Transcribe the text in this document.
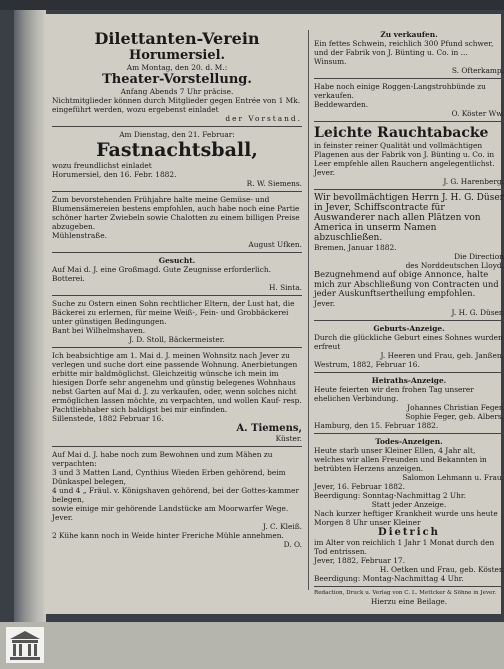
Dilettanten-Verein

Horumersiel.

Am Montag, den 20. d. M.:

Theater-Vorstellung.

Anfang Abends 7 Uhr präcise.

Nichtmitglieder können durch Mitglieder gegen Entrée von 1 Mk. eingeführt werden, wozu ergebenst einladet

der Vorstand.

Am Dienstag, den 21. Februar:

Fastnachtsball,

wozu freundlichst einladet

Horumersiel, den 16. Febr. 1882.

R. W. Siemens.

Zum bevorstehenden Frühjahre halte meine Gemüse- und Blumensämereien bestens empfohlen, auch habe noch eine Partie schöner harter Zwiebeln sowie Chalotten zu einem billigen Preise abzugeben.

Mühlenstraße.

August Ufken.

Gesucht.

Auf Mai d. J. eine Großmagd. Gute Zeugnisse erforderlich.

Botterei.

H. Sinta.

Suche zu Ostern einen Sohn rechtlicher Eltern, der Lust hat, die Bäckerei zu erlernen, für meine Weiß-, Fein- und Grobbäckerei unter günstigen Bedingungen.

Bant bei Wilhelmshaven.

J. D. Stoll, Bäckermeister.

Ich beabsichtige am 1. Mai d. J. meinen Wohnsitz nach Jever zu verlegen und suche dort eine passende Wohnung. Anerbietungen erbitte mir baldmöglichst. Gleichzeitig wünsche ich mein im hiesigen Dorfe sehr angenehm und günstig belegenes Wohnhaus nebst Garten auf Mai d. J. zu verkaufen, oder, wenn solches nicht ermöglichen lassen möchte, zu verpachten, und wollen Kauf- resp. Pachtliebhaber sich baldigst bei mir einfinden.

Sillenstede, 1882 Februar 16.

A. Tiemens,

Küster.

Auf Mai d. J. habe noch zum Bewohnen und zum Mähen zu verpachten:

3 und 3 Matten Land, Cynthius Wieden Erben gehörend, beim Dünkaspel belegen,

4 und 4 „ Fräul. v. Königshaven gehörend, bei der Gottes-kammer belegen,

sowie einige mir gehörende Landstücke am Moorwarfer Wege.

Jever.

J. C. Kleiß.

2 Kühe kann noch in Weide hinter Freriche Mühle annehmen.

D. O.

Zu verkaufen.

Ein fettes Schwein, reichlich 300 Pfund schwer, und der Fabrik von J. Bünting u. Co. in ...

Winsum.

S. Ofterkamp.

Habe noch einige Roggen-Langstrohbünde zu verkaufen.

Beddewarden.

O. Köster Ww.

Leichte Rauchtabacke

in feinster reiner Qualität und vollmächtigen Plagenen aus der Fabrik von J. Bünting u. Co. in Leer empfehle allen Rauchern angelegentlichst.

Jever.

J. G. Harenberg.

Wir bevollmächtigen Herrn J. H. G. Düser in Jever, Schiffscontracte für Auswanderer nach allen Plätzen von America in unserm Namen abzuschließen.

Bremen, Januar 1882.

Die Direction

des Norddeutschen Lloyd.

Bezugnehmend auf obige Annonce, halte mich zur Abschließung von Contracten und jeder Auskunftsertheilung empfohlen.

Jever.

J. H. G. Düser.

Geburts-Anzeige.

Durch die glückliche Geburt eines Sohnes wurden erfreut

J. Heeren und Frau, geb. Janßen.

Westrum, 1882, Februar 16.

Heiraths-Anzeige.

Heute feierten wir den frohen Tag unserer ehelichen Verbindung.

Johannes Christian Feger.

Sophie Feger, geb. Albers.

Hamburg, den 15. Februar 1882.

Todes-Anzeigen.

Heute starb unser Kleiner Ellen, 4 Jahr alt, welches wir allen Freunden und Bekannten in betrübten Herzens anzeigen.

Salomon Lehmann u. Frau.

Jever, 16. Februar 1882.

Beerdigung: Sonntag-Nachmittag 2 Uhr.

Statt jeder Anzeige.

Nach kurzer heftiger Krankheit wurde uns heute Morgen 8 Uhr unser Kleiner

Dietrich

im Alter von reichlich 1 Jahr 1 Monat durch den Tod entrissen.

Jever, 1882, Februar 17.

H. Oetken und Frau, geb. Köster.

Beerdigung: Montag-Nachmittag 4 Uhr.

Redaction, Druck u. Verlag von C. L. Mettcker & Söhne in Jever.

Hierzu eine Beilage.
